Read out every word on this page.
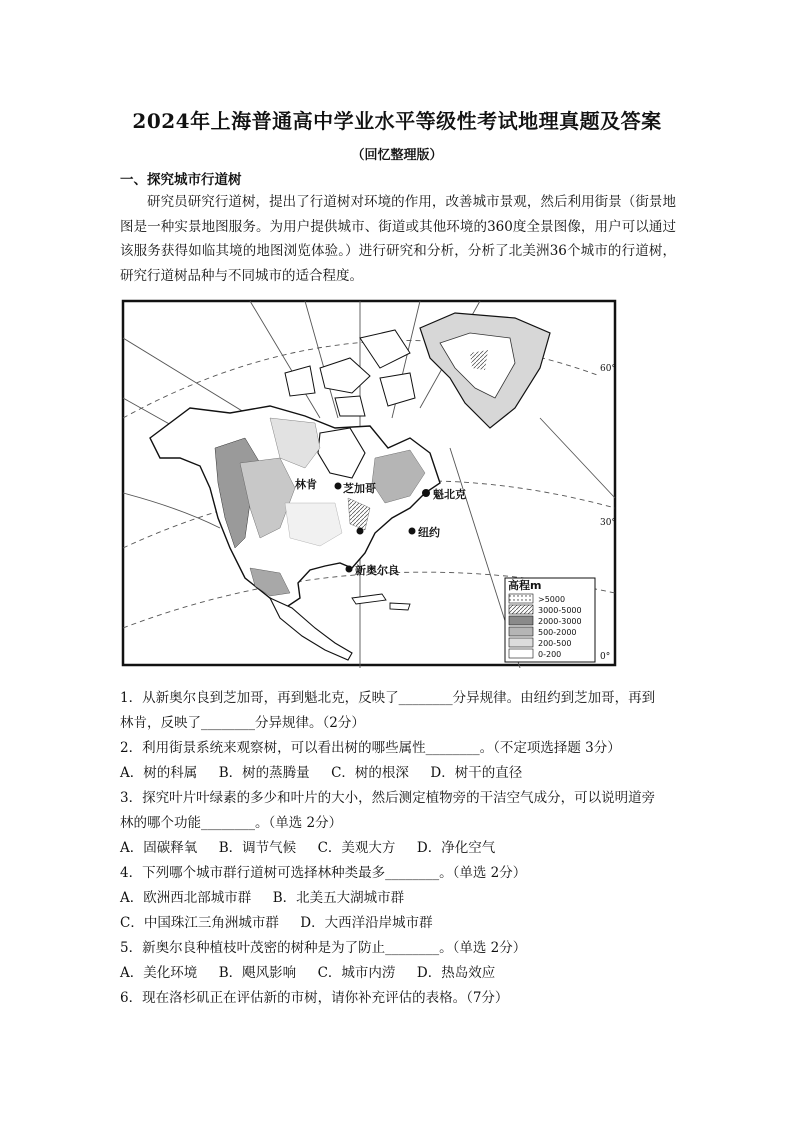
2024年上海普通高中学业水平等级性考试地理真题及答案
（回忆整理版）
一、探究城市行道树

研究员研究行道树，提出了行道树对环境的作用，改善城市景观，然后利用街景（街景地图是一种实景地图服务。为用户提供城市、街道或其他环境的360度全景图像，用户可以通过该服务获得如临其境的地图浏览体验。）进行研究和分析，分析了北美洲36个城市的行道树，研究行道树品种与不同城市的适合程度。

林肯 芝加哥	魁北克
纽约
新奥尔良
60°
30°
0°
高程m
>5000
3000-5000
2000-3000
500-2000
200-500
0-200

1．从新奥尔良到芝加哥，再到魁北克，反映了________分异规律。由纽约到芝加哥，再到

林肯，反映了________分异规律。（2分）

2．利用街景系统来观察树，可以看出树的哪些属性________。（不定项选择题 3分）

A．树的科属     B．树的蒸腾量     C．树的根深     D．树干的直径

3．探究叶片叶绿素的多少和叶片的大小，然后测定植物旁的干洁空气成分，可以说明道旁

林的哪个功能________。（单选 2分）

A．固碳释氧     B．调节气候     C．美观大方     D．净化空气

4．下列哪个城市群行道树可选择林种类最多________。（单选 2分）

A．欧洲西北部城市群     B．北美五大湖城市群

C．中国珠江三角洲城市群     D．大西洋沿岸城市群

5．新奥尔良种植枝叶茂密的树种是为了防止________。（单选 2分）

A．美化环境     B．飓风影响     C．城市内涝     D．热岛效应

6．现在洛杉矶正在评估新的市树，请你补充评估的表格。（7分）
